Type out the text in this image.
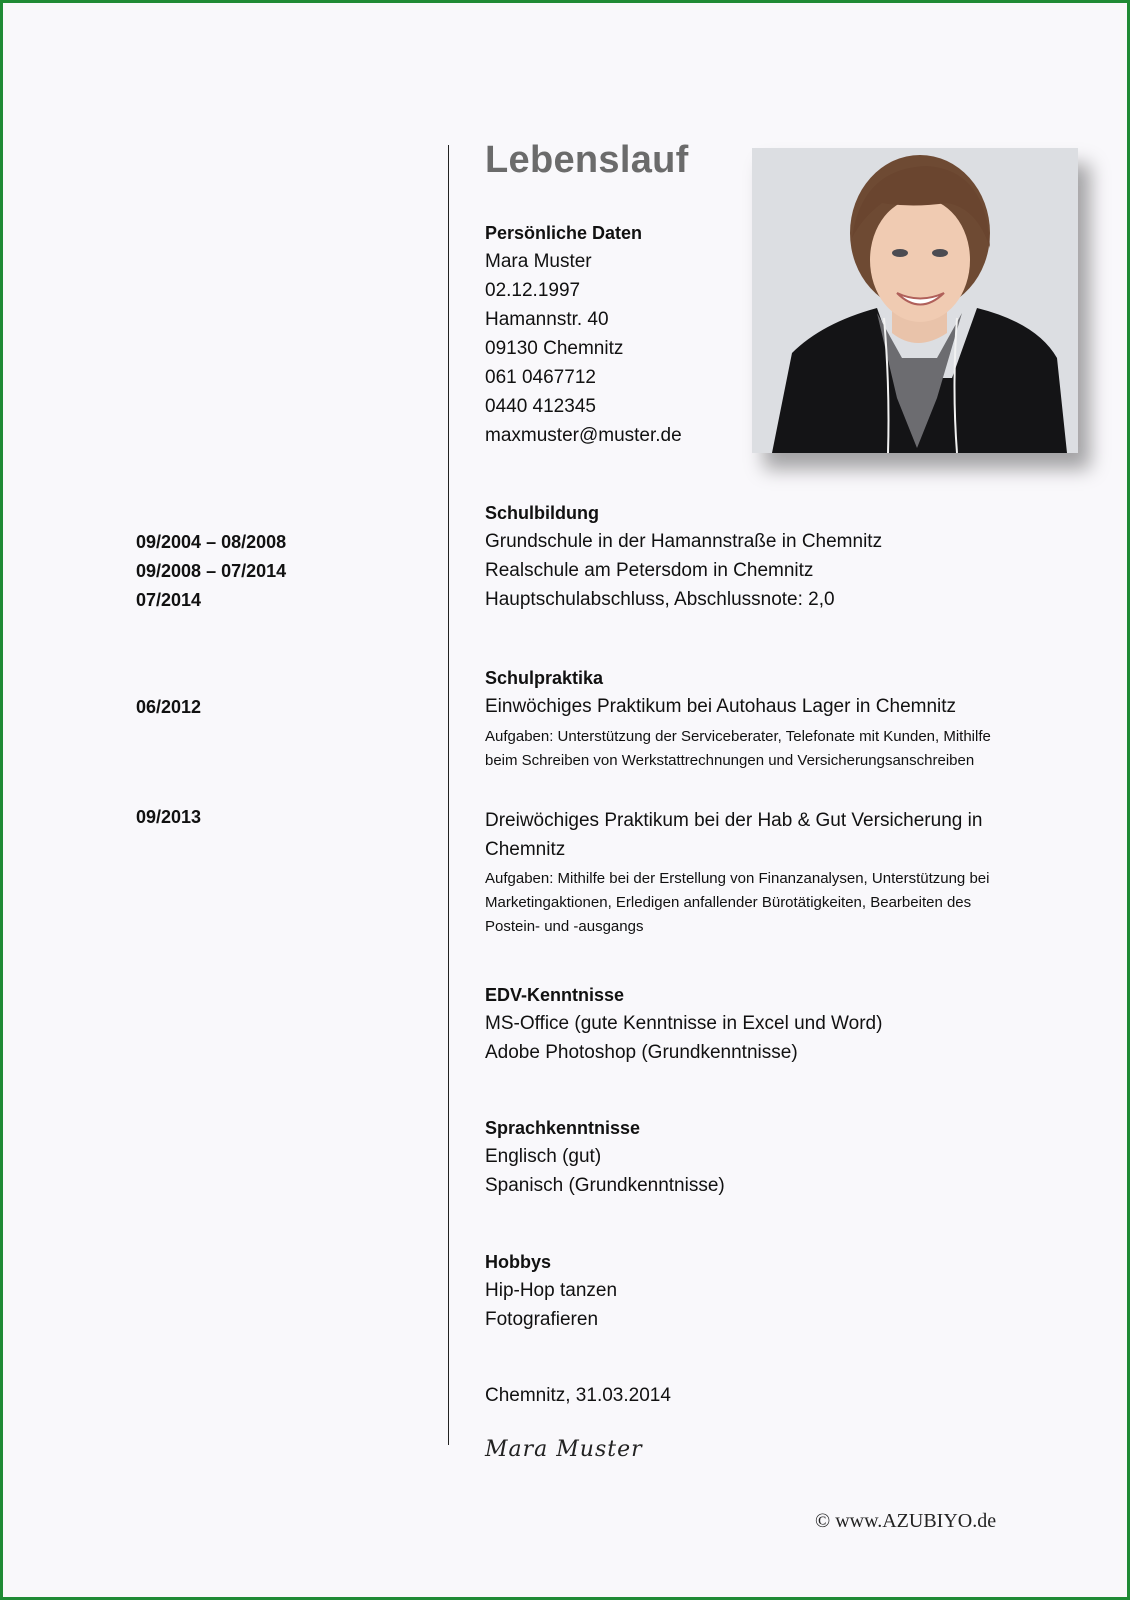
Lebenslauf
Persönliche Daten
Mara Muster
02.12.1997
Hamannstr. 40
09130 Chemnitz
061 0467712
0440 412345
maxmuster@muster.de
Schulbildung
09/2004 – 08/2008	Grundschule in der Hamannstraße in Chemnitz
09/2008 – 07/2014	Realschule am Petersdom in Chemnitz
07/2014	Hauptschulabschluss, Abschlussnote: 2,0
Schulpraktika
06/2012	Einwöchiges Praktikum bei Autohaus Lager in Chemnitz
Aufgaben: Unterstützung der Serviceberater, Telefonate mit Kunden, Mithilfe beim Schreiben von Werkstattrechnungen und Versicherungsanschreiben
09/2013	Dreiwöchiges Praktikum bei der Hab & Gut Versicherung in Chemnitz
Aufgaben: Mithilfe bei der Erstellung von Finanzanalysen, Unterstützung bei Marketingaktionen, Erledigen anfallender Bürotätigkeiten, Bearbeiten des Postein- und -ausgangs
EDV-Kenntnisse
MS-Office (gute Kenntnisse in Excel und Word)
Adobe Photoshop (Grundkenntnisse)
Sprachkenntnisse
Englisch (gut)
Spanisch (Grundkenntnisse)
Hobbys
Hip-Hop tanzen
Fotografieren
Chemnitz, 31.03.2014
Mara Muster
© www.AZUBIYO.de
